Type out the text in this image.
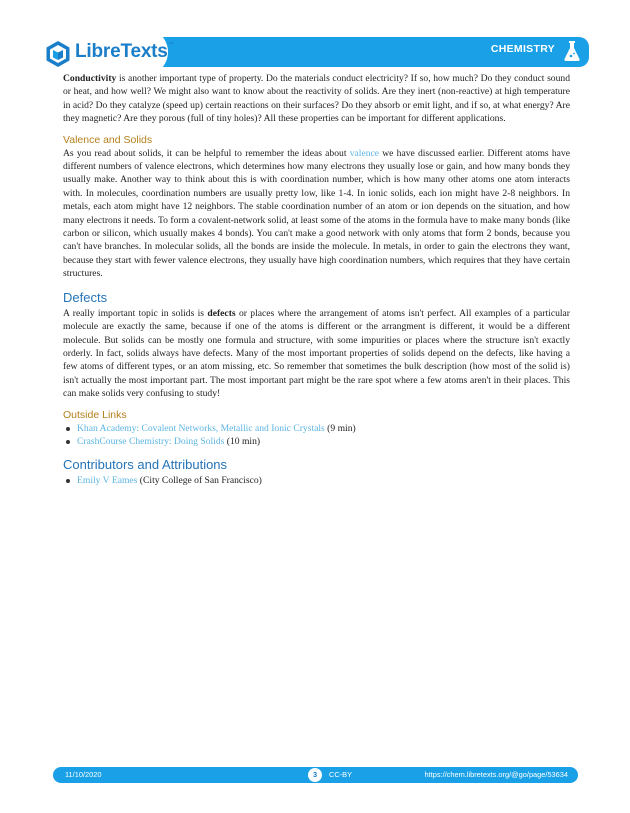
CHEMISTRY
LibreTexts™

Conductivity is another important type of property. Do the materials conduct electricity? If so, how much? Do they conduct sound or heat, and how well? We might also want to know about the reactivity of solids. Are they inert (non-reactive) at high temperature in acid? Do they catalyze (speed up) certain reactions on their surfaces? Do they absorb or emit light, and if so, at what energy? Are they magnetic? Are they porous (full of tiny holes)? All these properties can be important for different applications.

Valence and Solids

As you read about solids, it can be helpful to remember the ideas about valence we have discussed earlier. Different atoms have different numbers of valence electrons, which determines how many electrons they usually lose or gain, and how many bonds they usually make. Another way to think about this is with coordination number, which is how many other atoms one atom interacts with. In molecules, coordination numbers are usually pretty low, like 1-4. In ionic solids, each ion might have 2-8 neighbors. In metals, each atom might have 12 neighbors. The stable coordination number of an atom or ion depends on the situation, and how many electrons it needs. To form a covalent-network solid, at least some of the atoms in the formula have to make many bonds (like carbon or silicon, which usually makes 4 bonds). You can't make a good network with only atoms that form 2 bonds, because you can't have branches. In molecular solids, all the bonds are inside the molecule. In metals, in order to gain the electrons they want, because they start with fewer valence electrons, they usually have high coordination numbers, which requires that they have certain structures.

Defects

A really important topic in solids is defects or places where the arrangement of atoms isn't perfect. All examples of a particular molecule are exactly the same, because if one of the atoms is different or the arrangment is different, it would be a different molecule. But solids can be mostly one formula and structure, with some impurities or places where the structure isn't exactly orderly. In fact, solids always have defects. Many of the most important properties of solids depend on the defects, like having a few atoms of different types, or an atom missing, etc. So remember that sometimes the bulk description (how most of the solid is) isn't actually the most important part. The most important part might be the rare spot where a few atoms aren't in their places. This can make solids very confusing to study!

Outside Links
Khan Academy: Covalent Networks, Metallic and Ionic Crystals (9 min)
CrashCourse Chemistry: Doing Solids (10 min)
Contributors and Attributions
Emily V Eames (City College of San Francisco)
11/10/2020	3	CC-BY	https://chem.libretexts.org/@go/page/53634
